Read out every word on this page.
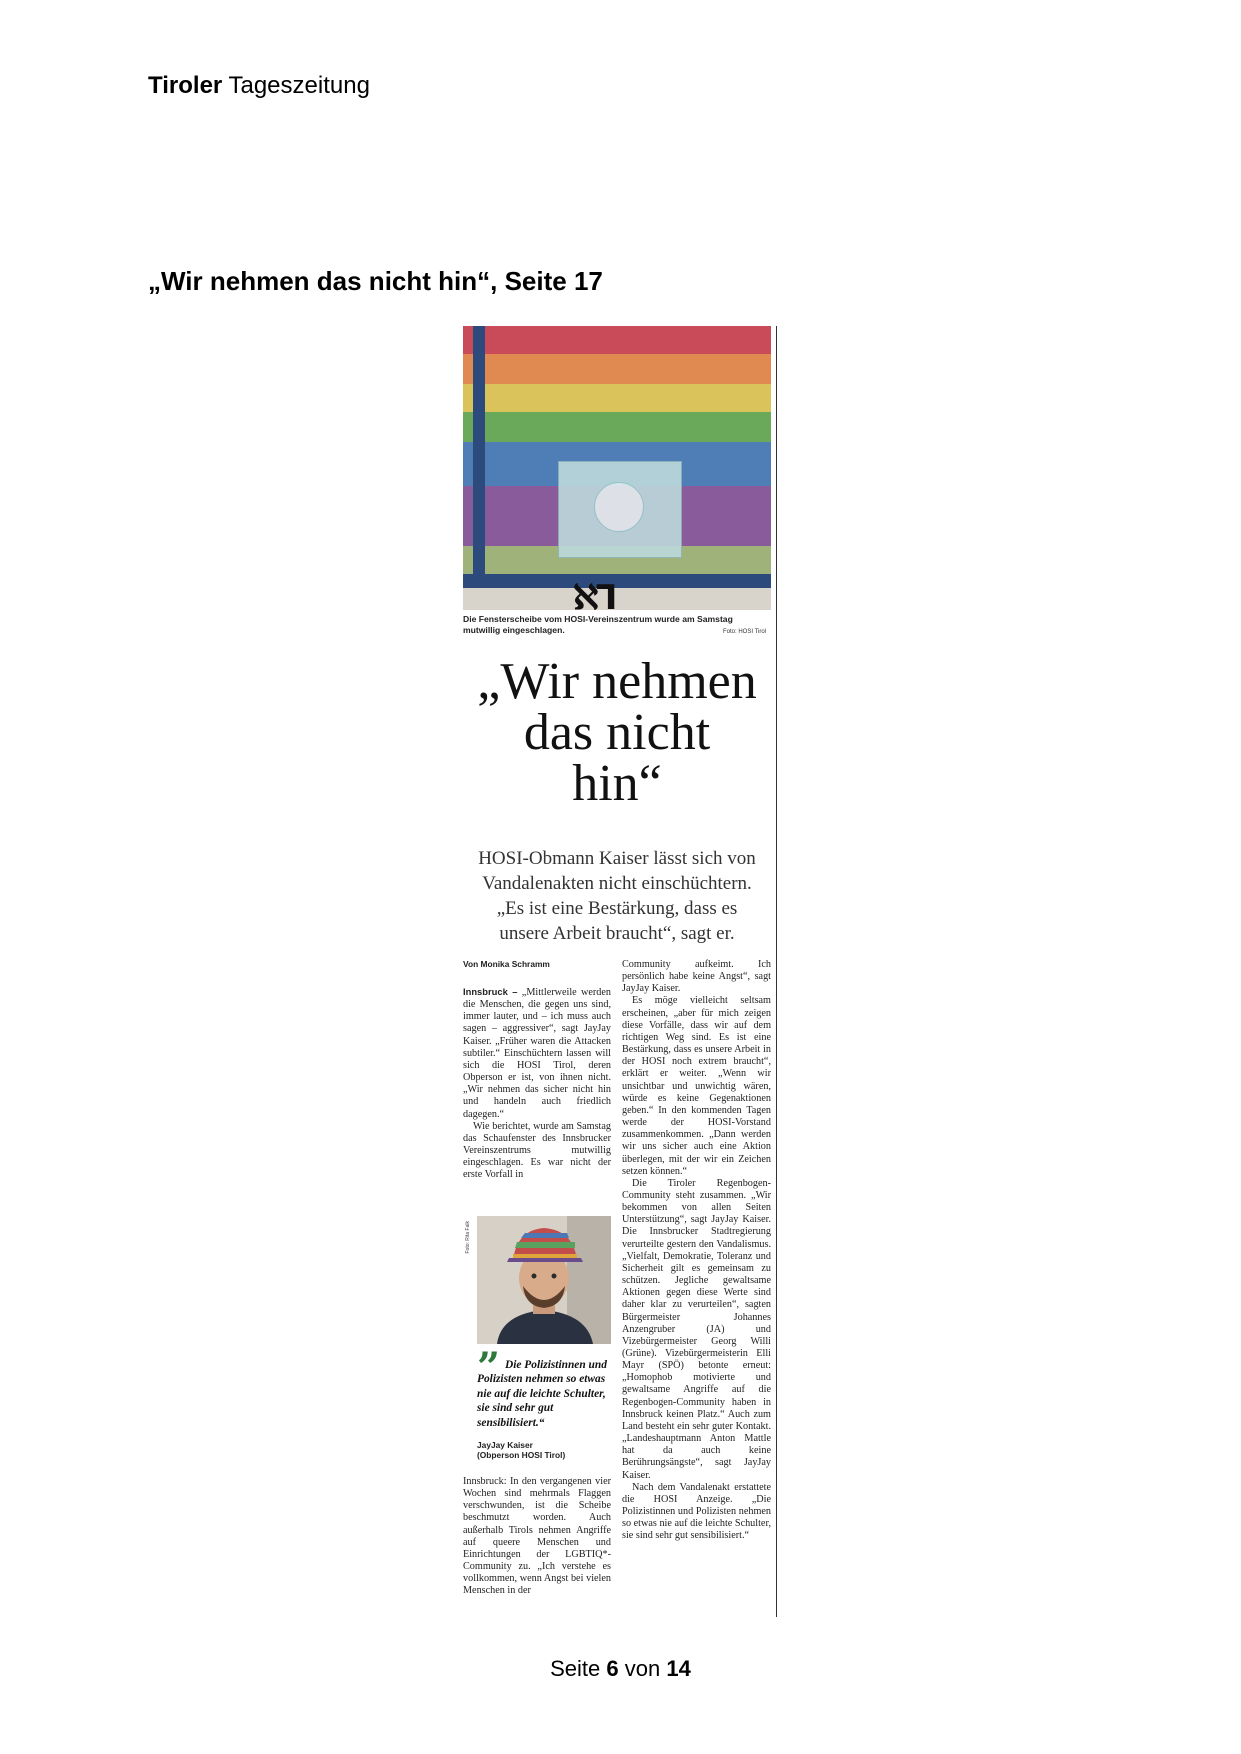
Tiroler Tageszeitung
„Wir nehmen das nicht hin“, Seite 17
ℵ⅂
Die Fensterscheibe vom HOSI-Vereinszentrum wurde am Samstag mutwillig eingeschlagen.	Foto: HOSI Tirol
„Wir nehmen
das nicht
hin“
HOSI-Obmann Kaiser lässt sich von
Vandalenakten nicht einschüchtern.
„Es ist eine Bestärkung, dass es
unsere Arbeit braucht“, sagt er.
Von Monika Schramm

Innsbruck – „Mittlerweile werden die Menschen, die gegen uns sind, immer lauter, und – ich muss auch sagen – aggressiver“, sagt JayJay Kaiser. „Früher waren die Attacken subtiler.“ Einschüchtern lassen will sich die HOSI Tirol, deren Obperson er ist, von ihnen nicht. „Wir nehmen das sicher nicht hin und handeln auch friedlich dagegen.“

Wie berichtet, wurde am Samstag das Schaufenster des Innsbrucker Vereinszentrums mutwillig eingeschlagen. Es war nicht der erste Vorfall in

Foto: Rita Falk
” Die Polizistinnen und Polizisten nehmen so etwas nie auf die leichte Schulter, sie sind sehr gut sensibilisiert.“
JayJay Kaiser
(Obperson HOSI Tirol)

Innsbruck: In den vergangenen vier Wochen sind mehrmals Flaggen verschwunden, ist die Scheibe beschmutzt worden. Auch außerhalb Tirols nehmen Angriffe auf queere Menschen und Einrichtungen der LGBTIQ*-Community zu. „Ich verstehe es vollkommen, wenn Angst bei vielen Menschen in der

Community aufkeimt. Ich persönlich habe keine Angst“, sagt JayJay Kaiser.

Es möge vielleicht seltsam erscheinen, „aber für mich zeigen diese Vorfälle, dass wir auf dem richtigen Weg sind. Es ist eine Bestärkung, dass es unsere Arbeit in der HOSI noch extrem braucht“, erklärt er weiter. „Wenn wir unsichtbar und unwichtig wären, würde es keine Gegenaktionen geben.“ In den kommenden Tagen werde der HOSI-Vorstand zusammenkommen. „Dann werden wir uns sicher auch eine Aktion überlegen, mit der wir ein Zeichen setzen können.“

Die Tiroler Regenbogen-Community steht zusammen. „Wir bekommen von allen Seiten Unterstützung“, sagt JayJay Kaiser. Die Innsbrucker Stadtregierung verurteilte gestern den Vandalismus. „Vielfalt, Demokratie, Toleranz und Sicherheit gilt es gemeinsam zu schützen. Jegliche gewaltsame Aktionen gegen diese Werte sind daher klar zu verurteilen“, sagten Bürgermeister Johannes Anzengruber (JA) und Vizebürgermeister Georg Willi (Grüne). Vizebürgermeisterin Elli Mayr (SPÖ) betonte erneut: „Homophob motivierte und gewaltsame Angriffe auf die Regenbogen-Community haben in Innsbruck keinen Platz.“ Auch zum Land besteht ein sehr guter Kontakt. „Landeshauptmann Anton Mattle hat da auch keine Berührungsängste“, sagt JayJay Kaiser.

Nach dem Vandalenakt erstattete die HOSI Anzeige. „Die Polizistinnen und Polizisten nehmen so etwas nie auf die leichte Schulter, sie sind sehr gut sensibilisiert.“

Seite 6 von 14
